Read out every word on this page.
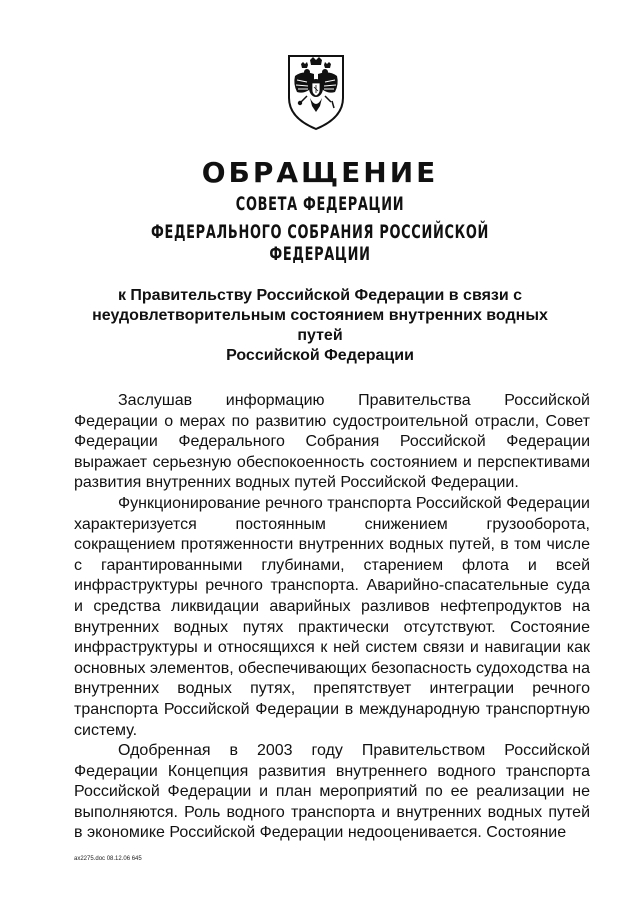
ОБРАЩЕНИЕ
СОВЕТА ФЕДЕРАЦИИ
ФЕДЕРАЛЬНОГО СОБРАНИЯ РОССИЙСКОЙ ФЕДЕРАЦИИ
к Правительству Российской Федерации в связи с
неудовлетворительным состоянием внутренних водных путей
Российской Федерации

Заслушав информацию Правительства Российской Федерации о мерах по развитию судостроительной отрасли, Совет Федерации Федерального Собрания Российской Федерации выражает серьезную обеспокоенность состоянием и перспективами развития внутренних водных путей Российской Федерации.

Функционирование речного транспорта Российской Федерации характеризуется постоянным снижением грузооборота, сокращением протяженности внутренних водных путей, в том числе с гарантированными глубинами, старением флота и всей инфраструктуры речного транспорта. Аварийно-спасательные суда и средства ликвидации аварийных разливов нефтепродуктов на внутренних водных путях практически отсутствуют. Состояние инфраструктуры и относящихся к ней систем связи и навигации как основных элементов, обеспечивающих безопасность судоходства на внутренних водных путях, препятствует интеграции речного транспорта Российской Федерации в международную транспортную систему.

Одобренная в 2003 году Правительством Российской Федерации Концепция развития внутреннего водного транспорта Российской Федерации и план мероприятий по ее реализации не выполняются. Роль водного транспорта и внутренних водных путей в экономике Российской Федерации недооценивается. Состояние

ax2275.doc 08.12.06 645
